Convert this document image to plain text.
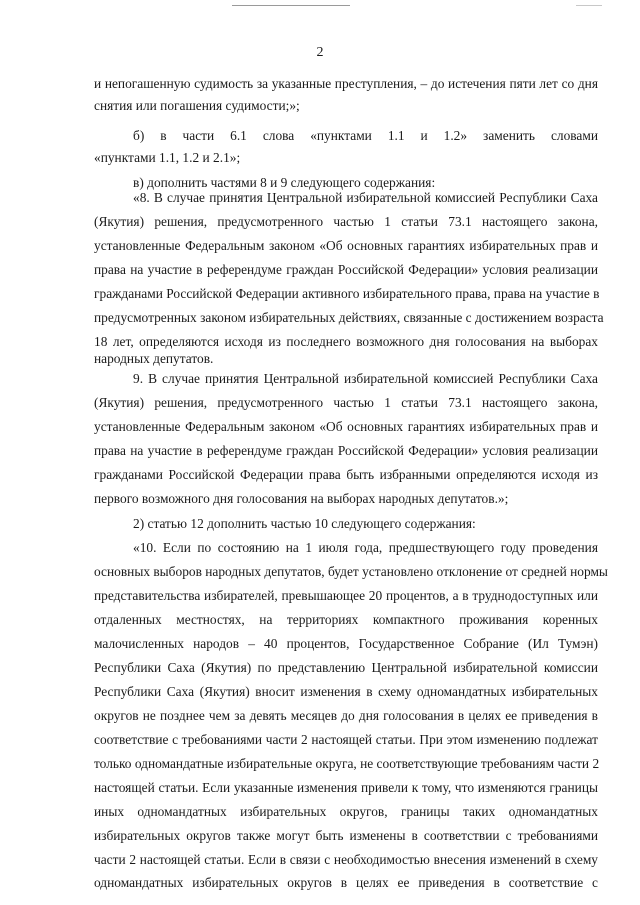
2
и непогашенную судимость за указанные преступления, – до истечения пяти лет со дня
снятия или погашения судимости;»;
б) в части 6.1 слова «пунктами 1.1 и 1.2» заменить словами
«пунктами 1.1, 1.2 и 2.1»;
в) дополнить частями 8 и 9 следующего содержания:
«8. В случае принятия Центральной избирательной комиссией Республики Саха
(Якутия) решения, предусмотренного частью 1 статьи 73.1 настоящего закона,
установленные Федеральным законом «Об основных гарантиях избирательных прав и
права на участие в референдуме граждан Российской Федерации» условия реализации
гражданами Российской Федерации активного избирательного права, права на участие в
предусмотренных законом избирательных действиях, связанные с достижением возраста
18 лет, определяются исходя из последнего возможного дня голосования на выборах
народных депутатов.
9. В случае принятия Центральной избирательной комиссией Республики Саха
(Якутия) решения, предусмотренного частью 1 статьи 73.1 настоящего закона,
установленные Федеральным законом «Об основных гарантиях избирательных прав и
права на участие в референдуме граждан Российской Федерации» условия реализации
гражданами Российской Федерации права быть избранными определяются исходя из
первого возможного дня голосования на выборах народных депутатов.»;
2) статью 12 дополнить частью 10 следующего содержания:
«10. Если по состоянию на 1 июля года, предшествующего году проведения
основных выборов народных депутатов, будет установлено отклонение от средней нормы
представительства избирателей, превышающее 20 процентов, а в труднодоступных или
отдаленных местностях, на территориях компактного проживания коренных
малочисленных народов – 40 процентов, Государственное Собрание (Ил Тумэн)
Республики Саха (Якутия) по представлению Центральной избирательной комиссии
Республики Саха (Якутия) вносит изменения в схему одномандатных избирательных
округов не позднее чем за девять месяцев до дня голосования в целях ее приведения в
соответствие с требованиями части 2 настоящей статьи. При этом изменению подлежат
только одномандатные избирательные округа, не соответствующие требованиям части 2
настоящей статьи. Если указанные изменения привели к тому, что изменяются границы
иных одномандатных избирательных округов, границы таких одномандатных
избирательных округов также могут быть изменены в соответствии с требованиями
части 2 настоящей статьи. Если в связи с необходимостью внесения изменений в схему
одномандатных избирательных округов в целях ее приведения в соответствие с
